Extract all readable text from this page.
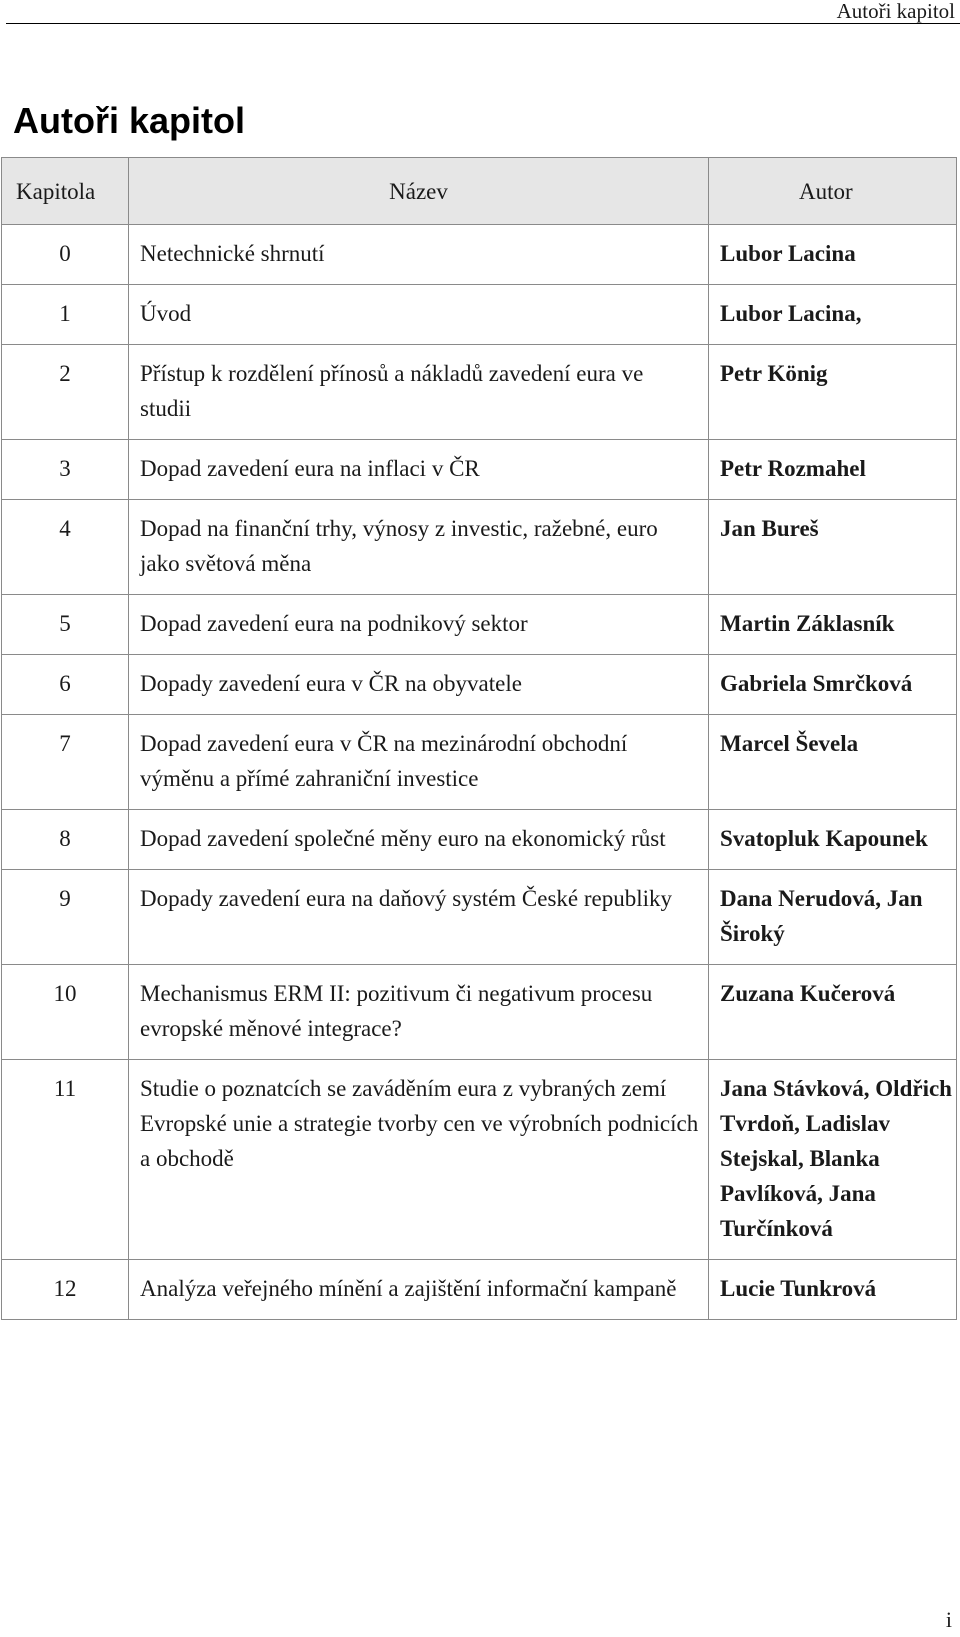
Autoři kapitol
Autoři kapitol
Kapitola	Název	Autor
0	Netechnické shrnutí	Lubor Lacina
1	Úvod	Lubor Lacina,
2	Přístup k rozdělení přínosů a nákladů zavedení eura ve studii	Petr König
3	Dopad zavedení eura na inflaci v ČR	Petr Rozmahel
4	Dopad na finanční trhy, výnosy z investic, ražebné, euro jako světová měna	Jan Bureš
5	Dopad zavedení eura na podnikový sektor	Martin Záklasník
6	Dopady zavedení eura v ČR na obyvatele	Gabriela Smrčková
7	Dopad zavedení eura v ČR na mezinárodní obchodní výměnu a přímé zahraniční investice	Marcel Ševela
8	Dopad zavedení společné měny euro na ekonomický růst	Svatopluk Kapounek
9	Dopady zavedení eura na daňový systém České republiky	Dana Nerudová, Jan Široký
10	Mechanismus ERM II: pozitivum či negativum procesu evropské měnové integrace?	Zuzana Kučerová
11	Studie o poznatcích se zaváděním eura z vybraných zemí Evropské unie a strategie tvorby cen ve výrobních podnicích a obchodě	Jana Stávková, Oldřich Tvrdoň, Ladislav Stejskal, Blanka Pavlíková, Jana Turčínková
12	Analýza veřejného mínění a zajištění informační kampaně	Lucie Tunkrová
i
